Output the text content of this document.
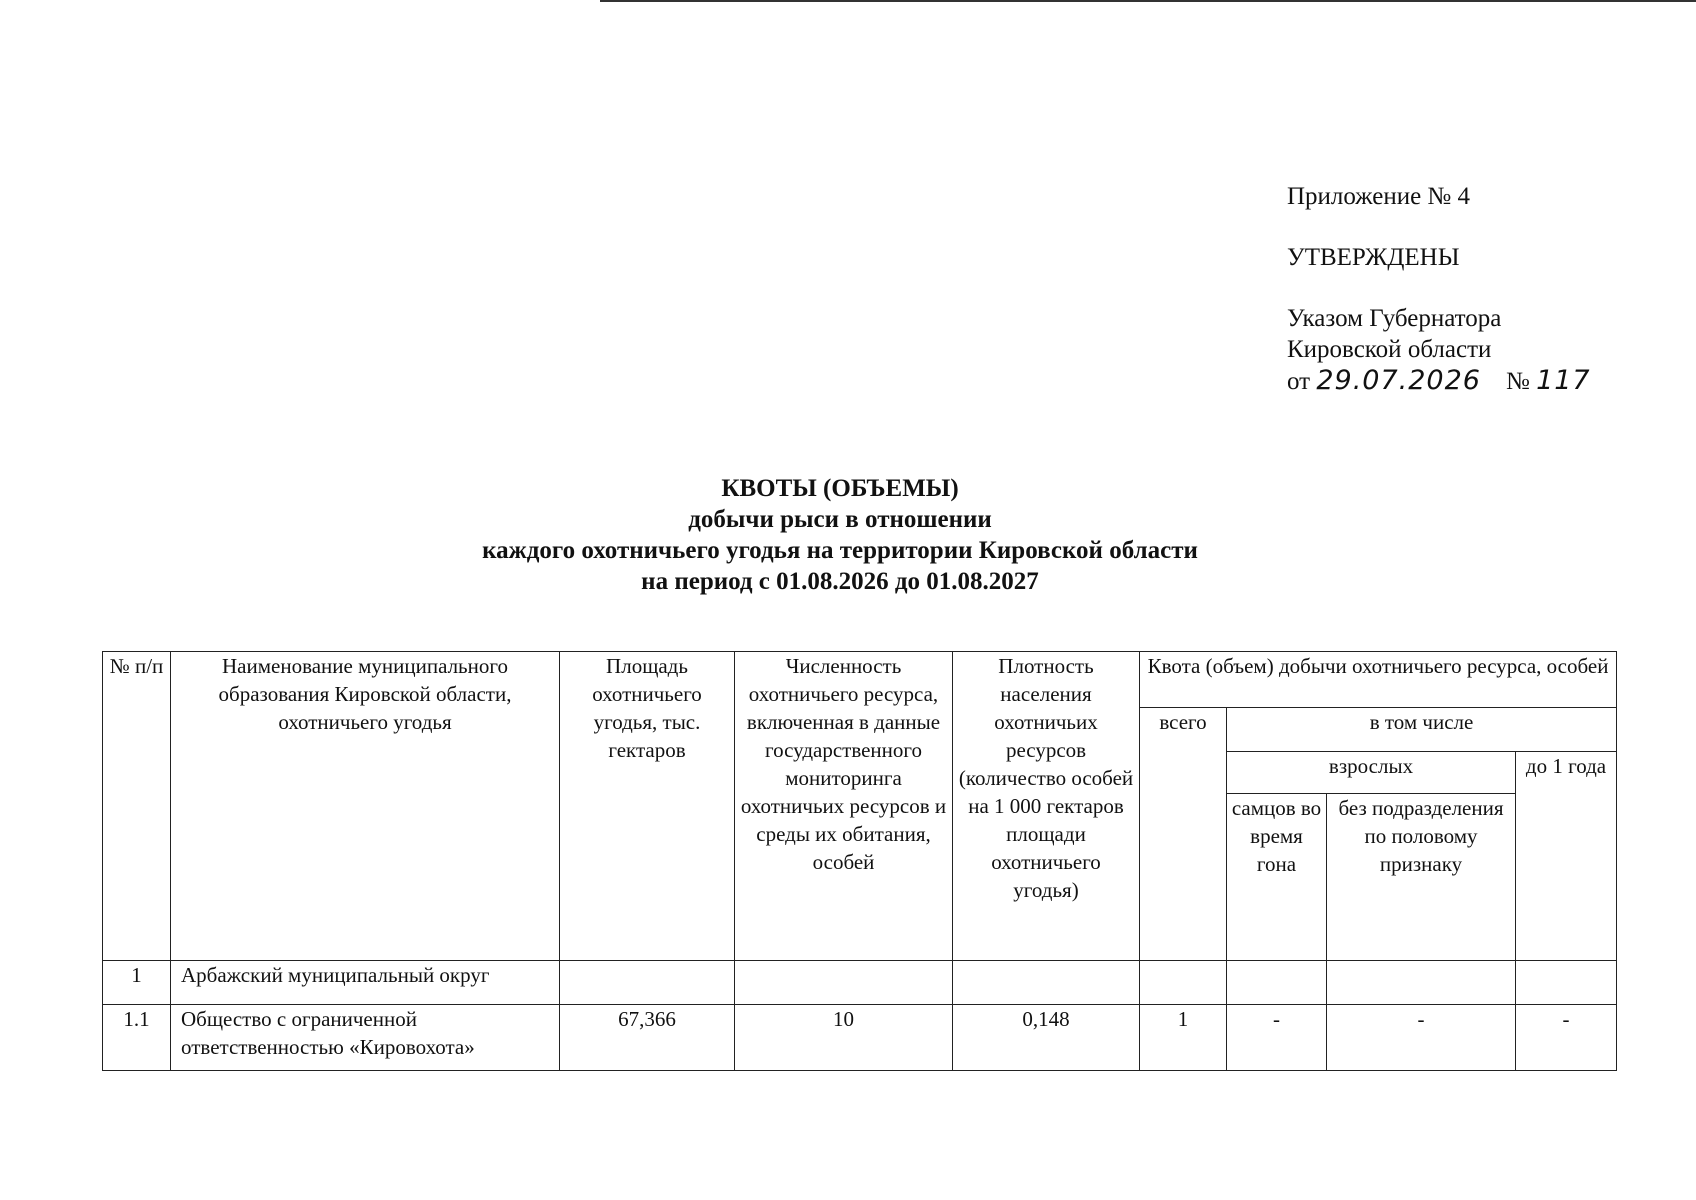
Приложение № 4
УТВЕРЖДЕНЫ
Указом Губернатора
Кировской области
от 29.07.2026 № 117
КВОТЫ (ОБЪЕМЫ)
добычи рыси в отношении
каждого охотничьего угодья на территории Кировской области
на период с 01.08.2026 до 01.08.2027
№ п/п	Наименование муниципального образования Кировской области, охотничьего угодья	Площадь охотничьего угодья, тыс. гектаров	Численность охотничьего ресурса, включенная в данные государственного мониторинга охотничьих ресурсов и среды их обитания, особей	Плотность населения охотничьих ресурсов (количество особей на 1 000 гектаров площади охотничьего угодья)	Квота (объем) добычи охотничьего ресурса, особей			
					всего	в том числе		
						взрослых		до 1 года
						самцов во время гона	без подразделения по половому признаку	
1	Арбажский муниципальный округ							
1.1	Общество с ограниченной ответственностью «Кировохота»	67,366	10	0,148	1	-	-	-
